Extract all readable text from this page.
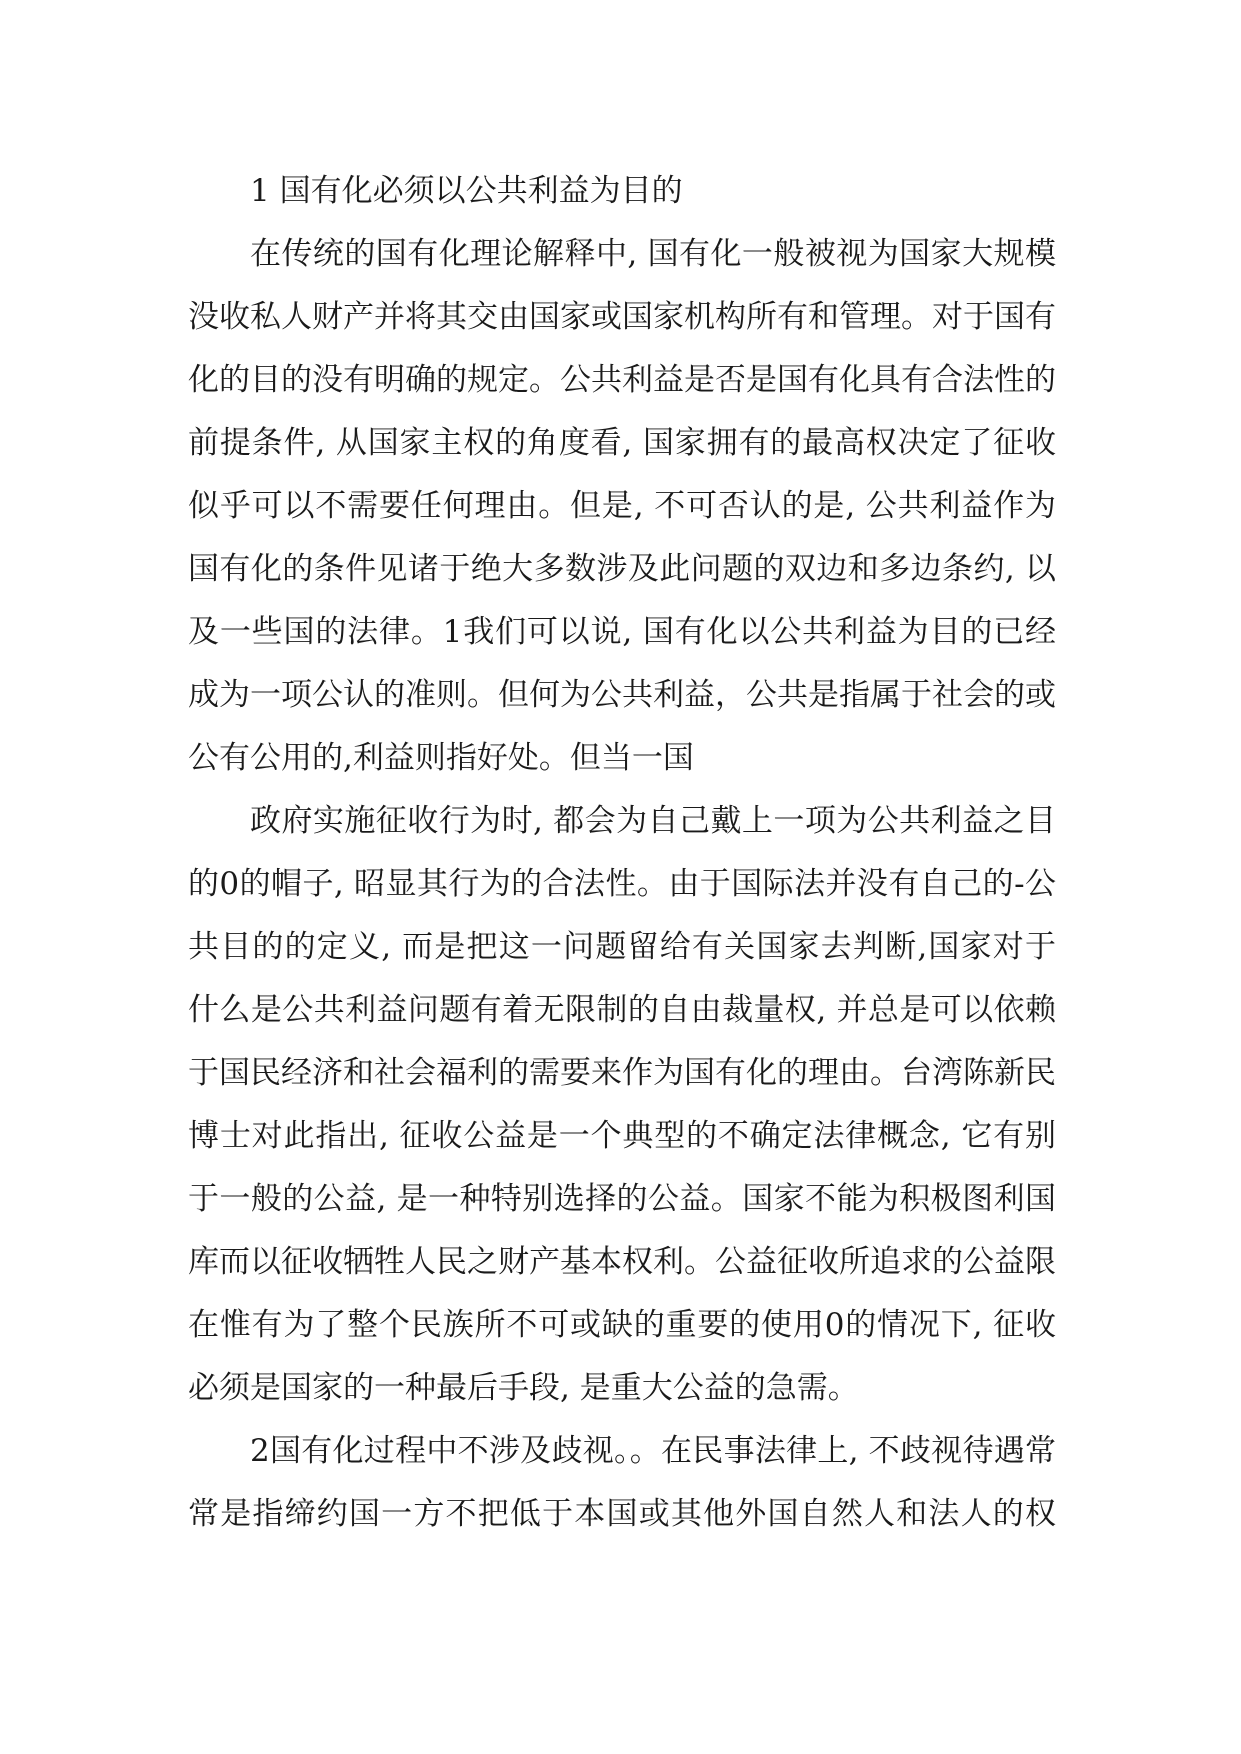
1 国有化必须以公共利益为目的
在传统的国有化理论解释中, 国有化一般被视为国家大规模
没收私人财产并将其交由国家或国家机构所有和管理。对于国有
化的目的没有明确的规定。公共利益是否是国有化具有合法性的
前提条件, 从国家主权的角度看, 国家拥有的最高权决定了征收
似乎可以不需要任何理由。但是, 不可否认的是, 公共利益作为
国有化的条件见诸于绝大多数涉及此问题的双边和多边条约, 以
及一些国的法律。1我们可以说, 国有化以公共利益为目的已经
成为一项公认的准则。但何为公共利益，公共是指属于社会的或
公有公用的,利益则指好处。但当一国
政府实施征收行为时, 都会为自己戴上一项为公共利益之目
的0的帽子, 昭显其行为的合法性。由于国际法并没有自己的-公
共目的的定义, 而是把这一问题留给有关国家去判断,国家对于
什么是公共利益问题有着无限制的自由裁量权, 并总是可以依赖
于国民经济和社会福利的需要来作为国有化的理由。台湾陈新民
博士对此指出, 征收公益是一个典型的不确定法律概念, 它有别
于一般的公益, 是一种特别选择的公益。国家不能为积极图利国
库而以征收牺牲人民之财产基本权利。公益征收所追求的公益限
在惟有为了整个民族所不可或缺的重要的使用0的情况下, 征收
必须是国家的一种最后手段, 是重大公益的急需。
2国有化过程中不涉及歧视。。在民事法律上, 不歧视待遇常
常是指缔约国一方不把低于本国或其他外国自然人和法人的权
